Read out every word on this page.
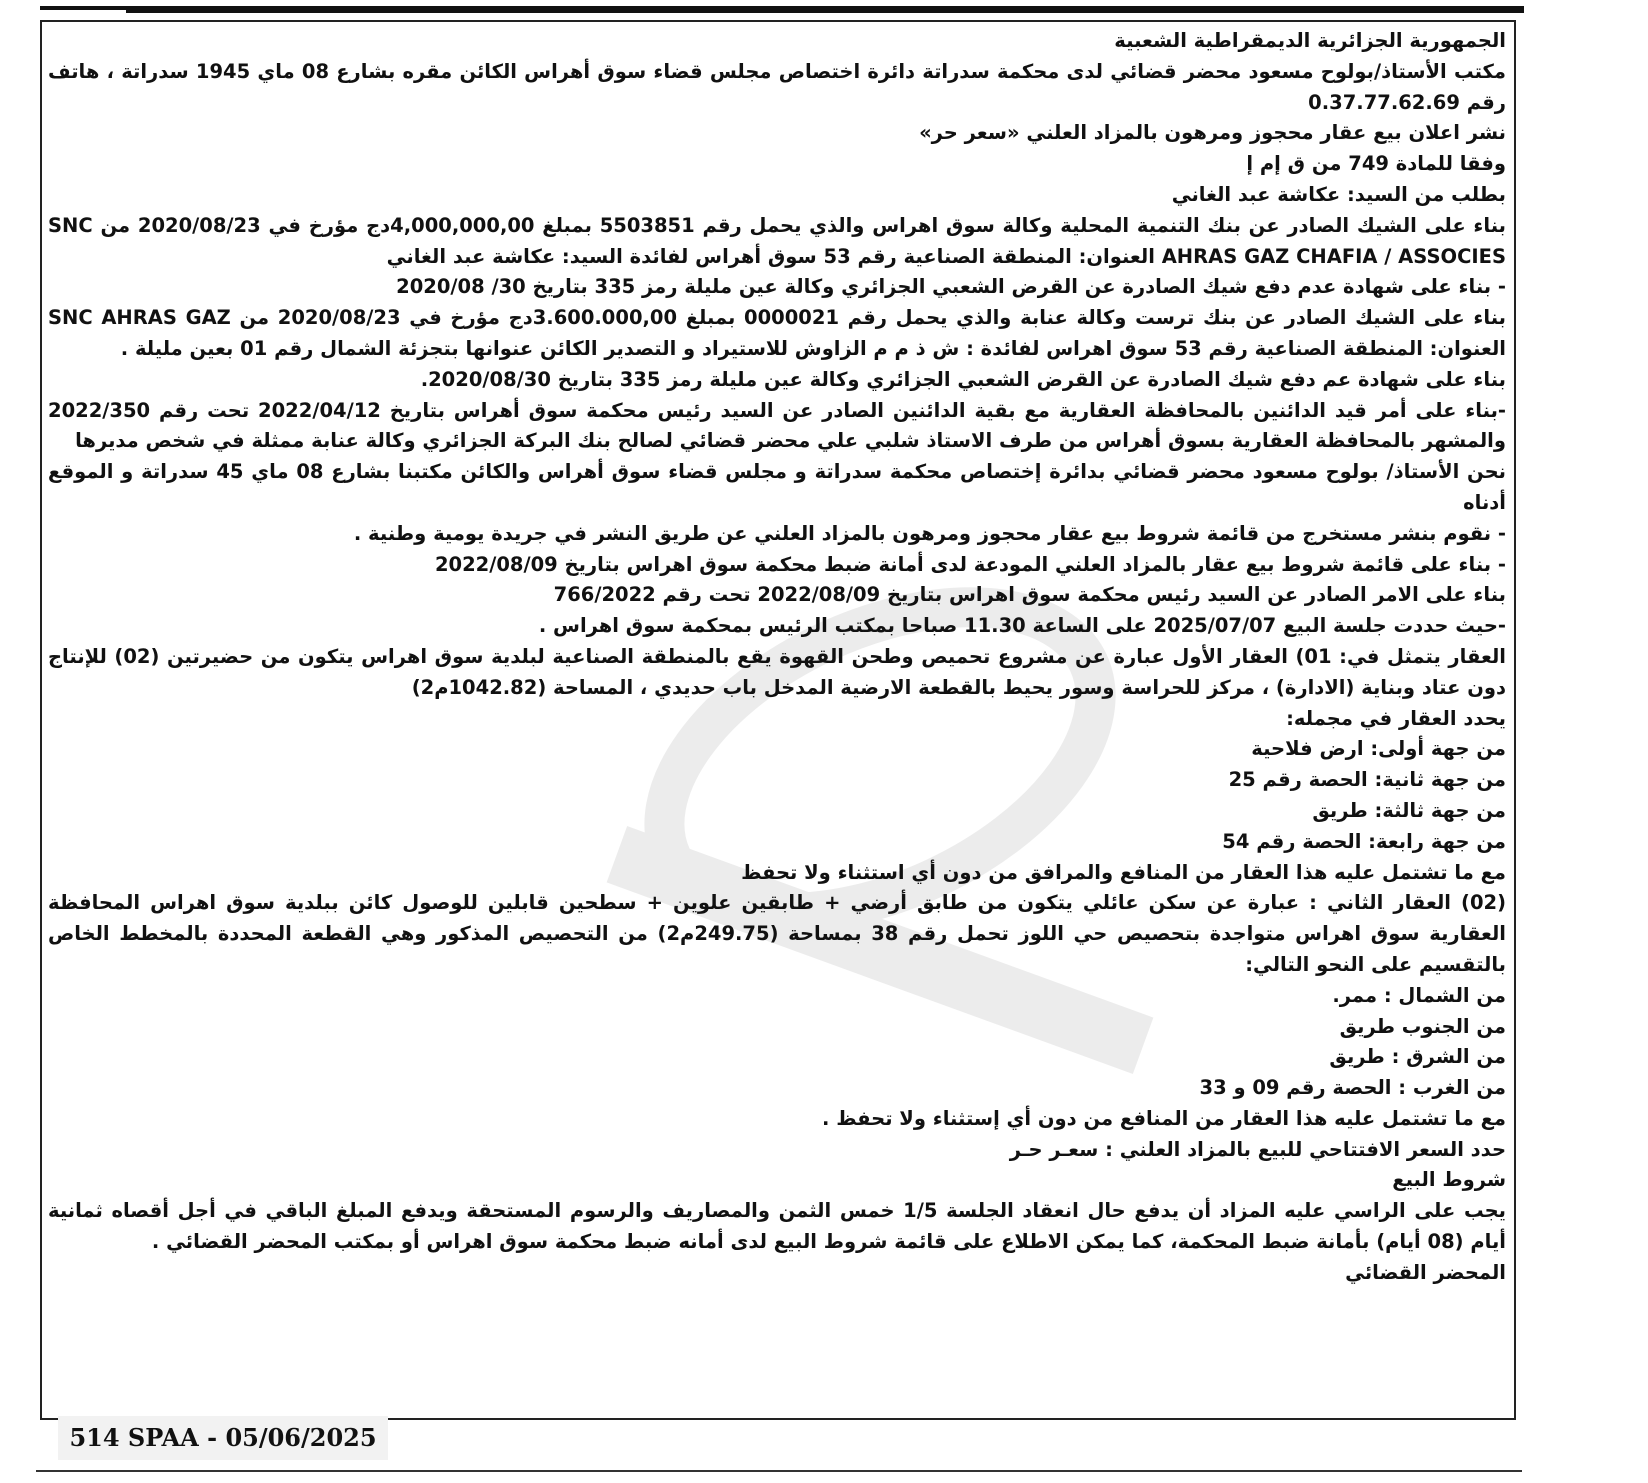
الجمهورية الجزائرية الديمقراطية الشعبية

مكتب الأستاذ/بولوح مسعود محضر قضائي لدى محكمة سدراتة دائرة اختصاص مجلس قضاء سوق أهراس الكائن مقره بشارع 08 ماي 1945 سدراتة ، هاتف رقم 0.37.77.62.69

نشر اعلان بيع عقار محجوز ومرهون بالمزاد العلني «سعر حر»

وفقا للمادة 749 من ق إم إ

بطلب من السيد: عكاشة عبد الغاني

بناء على الشيك الصادر عن بنك التنمية المحلية وكالة سوق اهراس والذي يحمل رقم 5503851 بمبلغ 4,000,000,00دج مؤرخ في 2020/08/23 من SNC AHRAS GAZ CHAFIA / ASSOCIES العنوان: المنطقة الصناعية رقم 53 سوق أهراس لفائدة السيد: عكاشة عبد الغاني

- بناء على شهادة عدم دفع شيك الصادرة عن القرض الشعبي الجزائري وكالة عين مليلة رمز 335 بتاريخ 30/ 2020/08

بناء على الشيك الصادر عن بنك ترست وكالة عنابة والذي يحمل رقم 0000021 بمبلغ 3.600.000,00دج مؤرخ في 2020/08/23 من SNC AHRAS GAZ العنوان: المنطقة الصناعية رقم 53 سوق اهراس لفائدة : ش ذ م م الزاوش للاستيراد و التصدير الكائن عنوانها بتجزئة الشمال رقم 01 بعين مليلة .

بناء على شهادة عم دفع شيك الصادرة عن القرض الشعبي الجزائري وكالة عين مليلة رمز 335 بتاريخ 2020/08/30.

-بناء على أمر قيد الدائنين بالمحافظة العقارية مع بقية الدائنين الصادر عن السيد رئيس محكمة سوق أهراس بتاريخ 2022/04/12 تحت رقم 2022/350 والمشهر بالمحافظة العقارية بسوق أهراس من طرف الاستاذ شلبي علي محضر قضائي لصالح بنك البركة الجزائري وكالة عنابة ممثلة في شخص مديرها

نحن الأستاذ/ بولوح مسعود محضر قضائي بدائرة إختصاص محكمة سدراتة و مجلس قضاء سوق أهراس والكائن مكتبنا بشارع 08 ماي 45 سدراتة و الموقع أدناه

- نقوم بنشر مستخرج من قائمة شروط بيع عقار محجوز ومرهون بالمزاد العلني عن طريق النشر في جريدة يومية وطنية .

- بناء على قائمة شروط بيع عقار بالمزاد العلني المودعة لدى أمانة ضبط محكمة سوق اهراس بتاريخ 2022/08/09

بناء على الامر الصادر عن السيد رئيس محكمة سوق اهراس بتاريخ 2022/08/09 تحت رقم 766/2022

-حيث حددت جلسة البيع 2025/07/07 على الساعة 11.30 صباحا بمكتب الرئيس بمحكمة سوق اهراس .

العقار يتمثل في: 01) العقار الأول عبارة عن مشروع تحميص وطحن القهوة يقع بالمنطقة الصناعية لبلدية سوق اهراس يتكون من حضيرتين (02) للإنتاج دون عتاد وبناية (الادارة) ، مركز للحراسة وسور يحيط بالقطعة الارضية المدخل باب حديدي ، المساحة (1042.82م2)

يحدد العقار في مجمله:

من جهة أولى: ارض فلاحية

من جهة ثانية: الحصة رقم 25

من جهة ثالثة: طريق

من جهة رابعة: الحصة رقم 54

مع ما تشتمل عليه هذا العقار من المنافع والمرافق من دون أي استثناء ولا تحفظ

(02) العقار الثاني : عبارة عن سكن عائلي يتكون من طابق أرضي + طابقين علوين + سطحين قابلين للوصول كائن ببلدية سوق اهراس المحافظة العقارية سوق اهراس متواجدة بتحصيص حي اللوز تحمل رقم 38 بمساحة (249.75م2) من التحصيص المذكور وهي القطعة المحددة بالمخطط الخاص بالتقسيم على النحو التالي:

من الشمال : ممر.

من الجنوب طريق

من الشرق : طريق

من الغرب : الحصة رقم 09 و 33

مع ما تشتمل عليه هذا العقار من المنافع من دون أي إستثناء ولا تحفظ .

حدد السعر الافتتاحي للبيع بالمزاد العلني : سعـر حـر

شروط البيع

يجب على الراسي عليه المزاد أن يدفع حال انعقاد الجلسة 1/5 خمس الثمن والمصاريف والرسوم المستحقة ويدفع المبلغ الباقي في أجل أقصاه ثمانية أيام (08 أيام) بأمانة ضبط المحكمة، كما يمكن الاطلاع على قائمة شروط البيع لدى أمانه ضبط محكمة سوق اهراس أو بمكتب المحضر القضائي .

المحضر القضائي

514 SPAA - 05/06/2025
